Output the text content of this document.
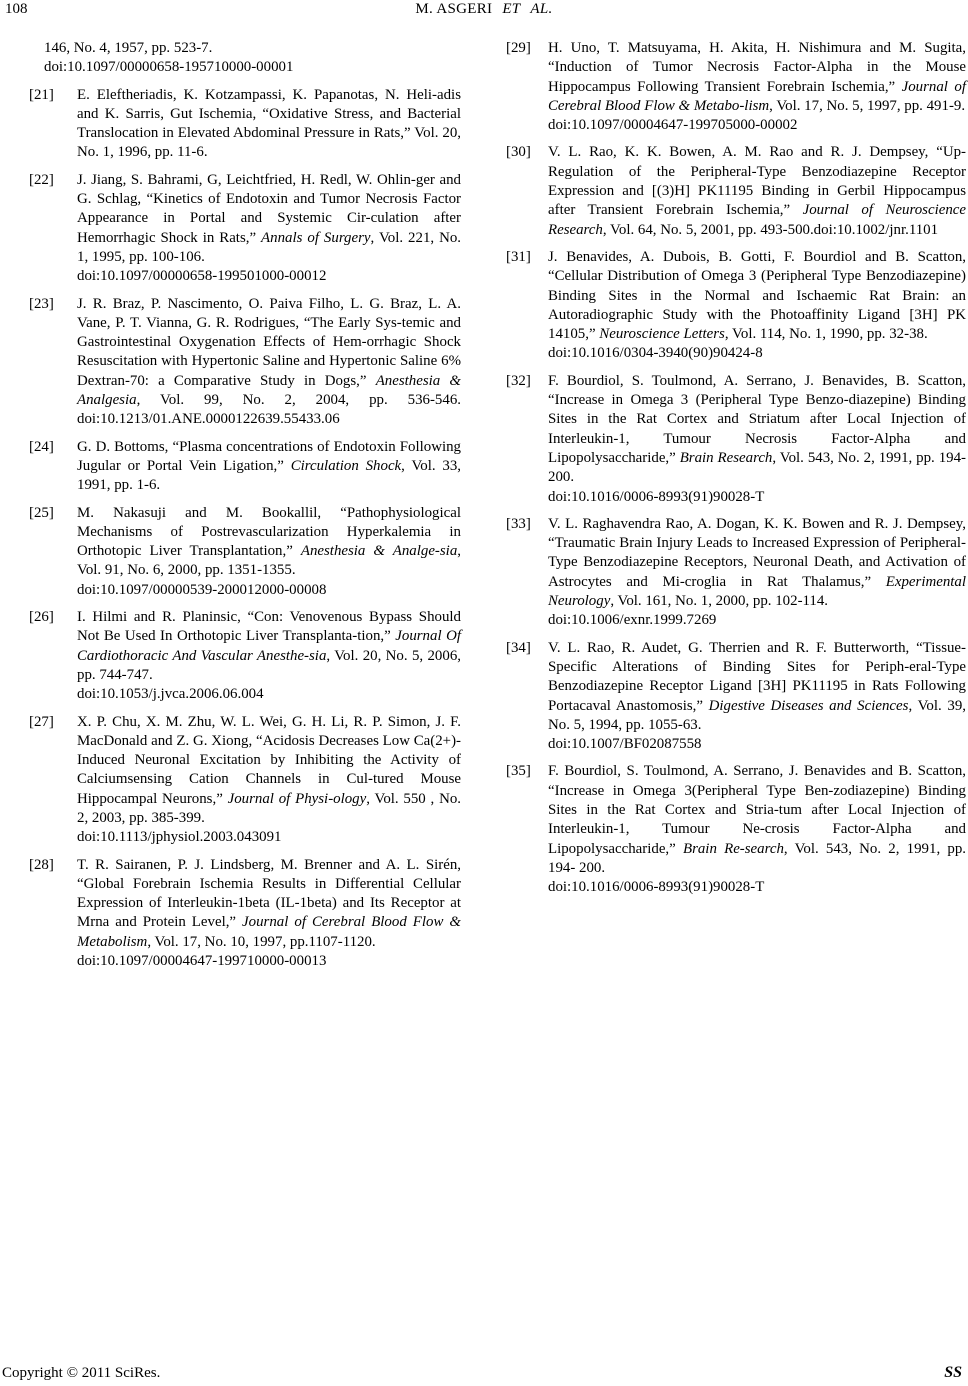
108	M. ASGERI ET AL.
146, No. 4, 1957, pp. 523-7.
doi:10.1097/00000658-195710000-00001
[21] E. Eleftheriadis, K. Kotzampassi, K. Papanotas, N. Heli-adis and K. Sarris, Gut Ischemia, “Oxidative Stress, and Bacterial Translocation in Elevated Abdominal Pressure in Rats,” Vol. 20, No. 1, 1996, pp. 11-6.
[22] J. Jiang, S. Bahrami, G, Leichtfried, H. Redl, W. Ohlin-ger and G. Schlag, “Kinetics of Endotoxin and Tumor Necrosis Factor Appearance in Portal and Systemic Cir-culation after Hemorrhagic Shock in Rats,” Annals of Surgery, Vol. 221, No. 1, 1995, pp. 100-106.
doi:10.1097/00000658-199501000-00012
[23] J. R. Braz, P. Nascimento, O. Paiva Filho, L. G. Braz, L. A. Vane, P. T. Vianna, G. R. Rodrigues, “The Early Sys-temic and Gastrointestinal Oxygenation Effects of Hem-orrhagic Shock Resuscitation with Hypertonic Saline and Hypertonic Saline 6% Dextran-70: a Comparative Study in Dogs,” Anesthesia & Analgesia, Vol. 99, No. 2, 2004, pp. 536-546. doi:10.1213/01.ANE.0000122639.55433.06
[24] G. D. Bottoms, “Plasma concentrations of Endotoxin Following Jugular or Portal Vein Ligation,” Circulation Shock, Vol. 33, 1991, pp. 1-6.
[25] M. Nakasuji and M. Bookallil, “Pathophysiological Mechanisms of Postrevascularization Hyperkalemia in Orthotopic Liver Transplantation,” Anesthesia & Analge-sia, Vol. 91, No. 6, 2000, pp. 1351-1355.
doi:10.1097/00000539-200012000-00008
[26] I. Hilmi and R. Planinsic, “Con: Venovenous Bypass Should Not Be Used In Orthotopic Liver Transplanta-tion,” Journal Of Cardiothoracic And Vascular Anesthe-sia, Vol. 20, No. 5, 2006, pp. 744-747.
doi:10.1053/j.jvca.2006.06.004
[27] X. P. Chu, X. M. Zhu, W. L. Wei, G. H. Li, R. P. Simon, J. F. MacDonald and Z. G. Xiong, “Acidosis Decreases Low Ca(2+)-Induced Neuronal Excitation by Inhibiting the Activity of Calciumsensing Cation Channels in Cul-tured Mouse Hippocampal Neurons,” Journal of Physi-ology, Vol. 550 , No. 2, 2003, pp. 385-399.
doi:10.1113/jphysiol.2003.043091
[28] T. R. Sairanen, P. J. Lindsberg, M. Brenner and A. L. Sirén, “Global Forebrain Ischemia Results in Differential Cellular Expression of Interleukin-1beta (IL-1beta) and Its Receptor at Mrna and Protein Level,” Journal of Cerebral Blood Flow & Metabolism, Vol. 17, No. 10, 1997, pp.1107-1120.
doi:10.1097/00004647-199710000-00013
[29] H. Uno, T. Matsuyama, H. Akita, H. Nishimura and M. Sugita, “Induction of Tumor Necrosis Factor-Alpha in the Mouse Hippocampus Following Transient Forebrain Ischemia,” Journal of Cerebral Blood Flow & Metabo-lism, Vol. 17, No. 5, 1997, pp. 491-9.
doi:10.1097/00004647-199705000-00002
[30] V. L. Rao, K. K. Bowen, A. M. Rao and R. J. Dempsey, “Up-Regulation of the Peripheral-Type Benzodiazepine Receptor Expression and [(3)H] PK11195 Binding in Gerbil Hippocampus after Transient Forebrain Ischemia,” Journal of Neuroscience Research, Vol. 64, No. 5, 2001, pp. 493-500.doi:10.1002/jnr.1101
[31] J. Benavides, A. Dubois, B. Gotti, F. Bourdiol and B. Scatton, “Cellular Distribution of Omega 3 (Peripheral Type Benzodiazepine) Binding Sites in the Normal and Ischaemic Rat Brain: an Autoradiographic Study with the Photoaffinity Ligand [3H] PK 14105,” Neuroscience Letters, Vol. 114, No. 1, 1990, pp. 32-38.
doi:10.1016/0304-3940(90)90424-8
[32] F. Bourdiol, S. Toulmond, A. Serrano, J. Benavides, B. Scatton, “Increase in Omega 3 (Peripheral Type Benzo-diazepine) Binding Sites in the Rat Cortex and Striatum after Local Injection of Interleukin-1, Tumour Necrosis Factor-Alpha and Lipopolysaccharide,” Brain Research, Vol. 543, No. 2, 1991, pp. 194- 200.
doi:10.1016/0006-8993(91)90028-T
[33] V. L. Raghavendra Rao, A. Dogan, K. K. Bowen and R. J. Dempsey, “Traumatic Brain Injury Leads to Increased Expression of Peripheral-Type Benzodiazepine Receptors, Neuronal Death, and Activation of Astrocytes and Mi-croglia in Rat Thalamus,” Experimental Neurology, Vol. 161, No. 1, 2000, pp. 102-114.
doi:10.1006/exnr.1999.7269
[34] V. L. Rao, R. Audet, G. Therrien and R. F. Butterworth, “Tissue-Specific Alterations of Binding Sites for Periph-eral-Type Benzodiazepine Receptor Ligand [3H] PK11195 in Rats Following Portacaval Anastomosis,” Digestive Diseases and Sciences, Vol. 39, No. 5, 1994, pp. 1055-63.
doi:10.1007/BF02087558
[35] F. Bourdiol, S. Toulmond, A. Serrano, J. Benavides and B. Scatton, “Increase in Omega 3(Peripheral Type Ben-zodiazepine) Binding Sites in the Rat Cortex and Stria-tum after Local Injection of Interleukin-1, Tumour Ne-crosis Factor-Alpha and Lipopolysaccharide,” Brain Re-search, Vol. 543, No. 2, 1991, pp. 194- 200.
doi:10.1016/0006-8993(91)90028-T
Copyright © 2011 SciRes.	SS
